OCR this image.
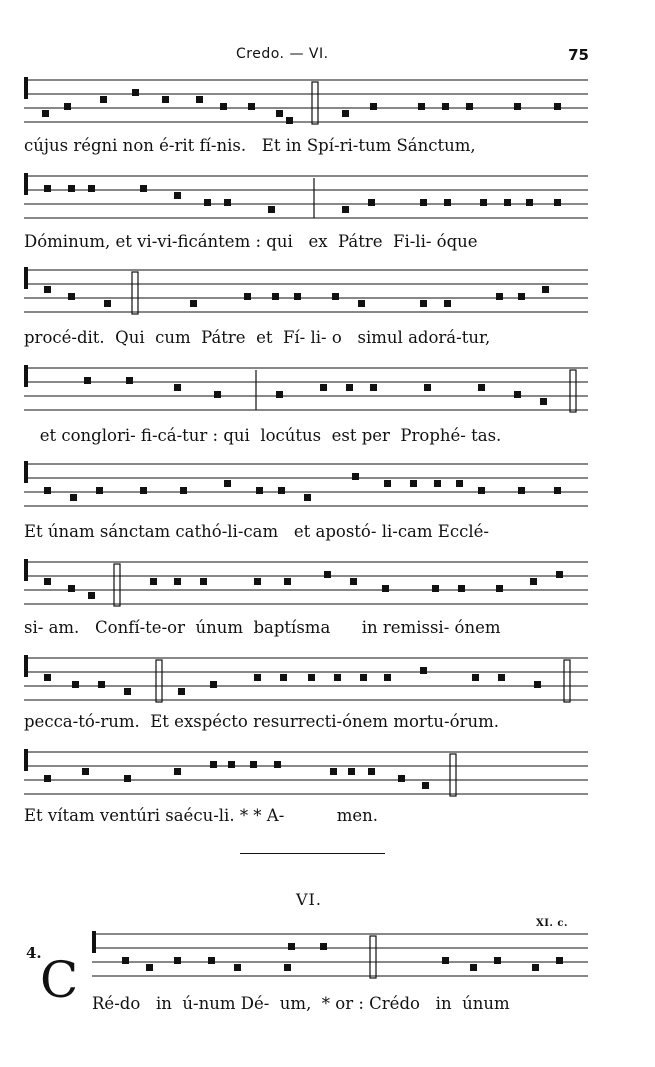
Credo. — VI.	75
cújus régni non é-rit fí-nis.   Et in Spí-ri-tum Sánctum,
Dóminum, et vi-vi-ficántem : qui   ex  Pátre  Fi-li- óque
procé-dit.  Qui  cum  Pátre  et  Fí- li- o   simul adorá-tur,
et conglori- fi-cá-tur : qui  locútus  est per  Prophé- tas.
Et únam sánctam cathó-li-cam   et apostó- li-cam Ecclé-
si- am.   Confí-te-or  únum  baptísma      in remissi- ónem
pecca-tó-rum.  Et exspécto resurrecti-ónem mortu-órum.
Et vítam ventúri saécu-li. * * A-          men.
VI.
XI. c.
4.
C Ré-do   in  ú-num Dé-  um,  * or : Crédo   in  únum
